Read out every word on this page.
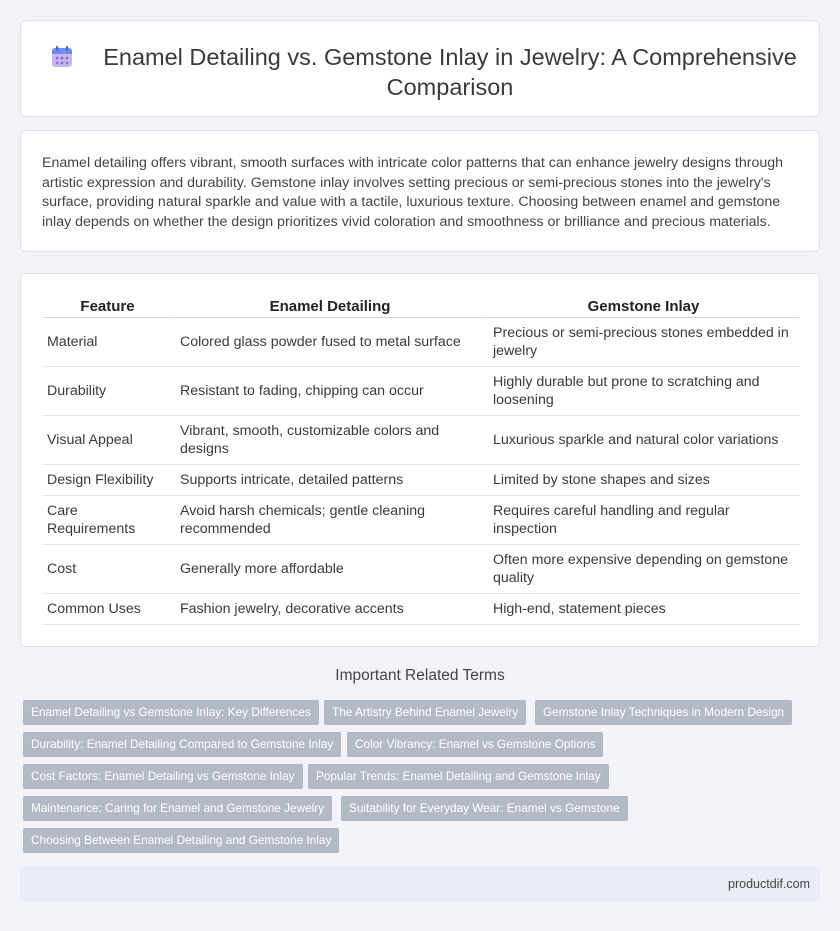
Enamel Detailing vs. Gemstone Inlay in Jewelry: A Comprehensive Comparison

Enamel detailing offers vibrant, smooth surfaces with intricate color patterns that can enhance jewelry designs through artistic expression and durability. Gemstone inlay involves setting precious or semi-precious stones into the jewelry's surface, providing natural sparkle and value with a tactile, luxurious texture. Choosing between enamel and gemstone inlay depends on whether the design prioritizes vivid coloration and smoothness or brilliance and precious materials.

Feature	Enamel Detailing	Gemstone Inlay
Material	Colored glass powder fused to metal surface	Precious or semi-precious stones embedded in jewelry
Durability	Resistant to fading, chipping can occur	Highly durable but prone to scratching and loosening
Visual Appeal	Vibrant, smooth, customizable colors and designs	Luxurious sparkle and natural color variations
Design Flexibility	Supports intricate, detailed patterns	Limited by stone shapes and sizes
Care Requirements	Avoid harsh chemicals; gentle cleaning recommended	Requires careful handling and regular inspection
Cost	Generally more affordable	Often more expensive depending on gemstone quality
Common Uses	Fashion jewelry, decorative accents	High-end, statement pieces
Important Related Terms
Enamel Detailing vs Gemstone Inlay: Key Differences	The Artistry Behind Enamel Jewelry	Gemstone Inlay Techniques in Modern Design
Durability: Enamel Detailing Compared to Gemstone Inlay	Color Vibrancy: Enamel vs Gemstone Options
Cost Factors: Enamel Detailing vs Gemstone Inlay	Popular Trends: Enamel Detailing and Gemstone Inlay
Maintenance: Caring for Enamel and Gemstone Jewelry	Suitability for Everyday Wear: Enamel vs Gemstone
Choosing Between Enamel Detailing and Gemstone Inlay
productdif.com
